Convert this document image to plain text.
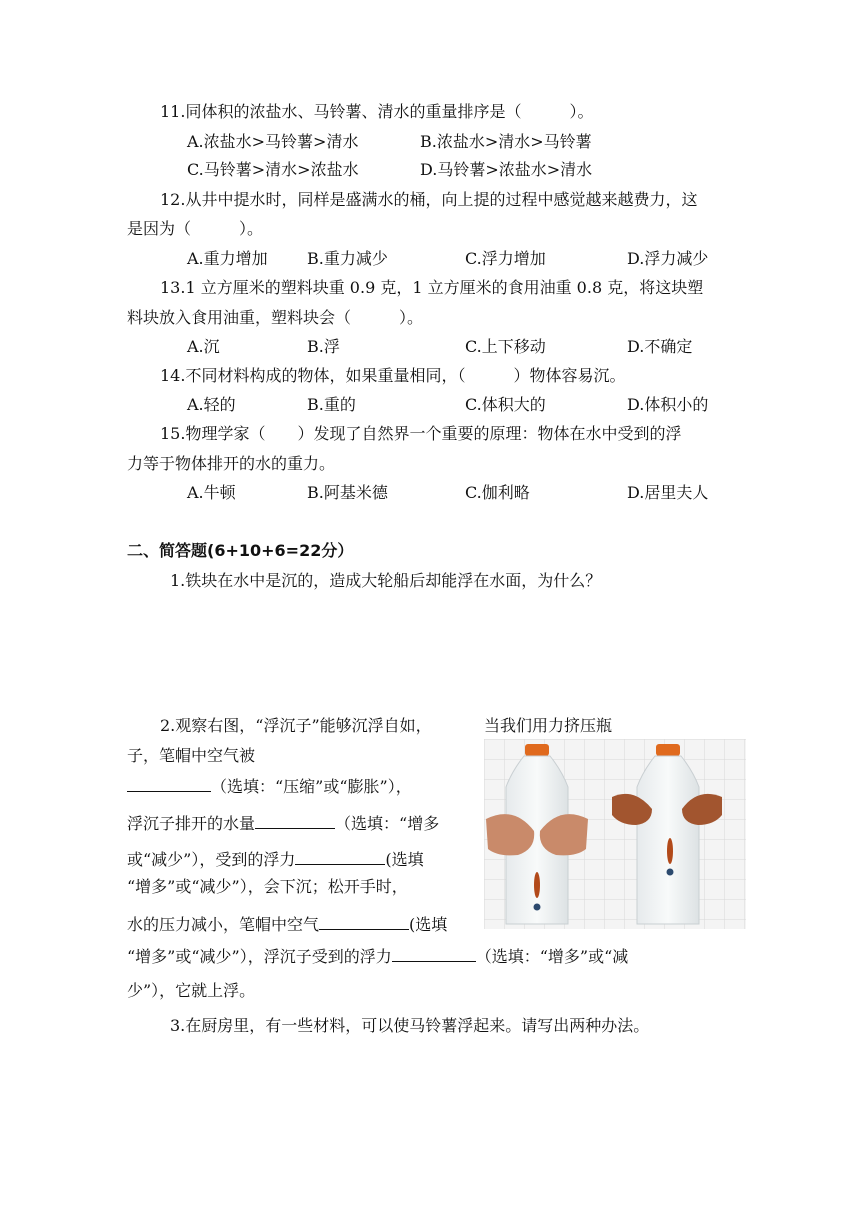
11.同体积的浓盐水、马铃薯、清水的重量排序是（　　　）。
A.浓盐水>马铃薯>清水	B.浓盐水>清水>马铃薯
C.马铃薯>清水>浓盐水	D.马铃薯>浓盐水>清水
12.从井中提水时，同样是盛满水的桶，向上提的过程中感觉越来越费力，这
是因为（　　　）。
A.重力增加 B.重力减少	C.浮力增加	D.浮力减少
13.1 立方厘米的塑料块重 0.9 克，1 立方厘米的食用油重 0.8 克，将这块塑
料块放入食用油重，塑料块会（　　　）。
A.沉	B.浮	C.上下移动	D.不确定
14.不同材料构成的物体，如果重量相同，（　　　）物体容易沉。
A.轻的	B.重的	C.体积大的	D.体积小的
15.物理学家（　　）发现了自然界一个重要的原理：物体在水中受到的浮
力等于物体排开的水的重力。
A.牛顿	B.阿基米德	C.伽利略	D.居里夫人
二、简答题(6+10+6=22分）
1.铁块在水中是沉的，造成大轮船后却能浮在水面，为什么？
2.观察右图，“浮沉子”能够沉浮自如，	当我们用力挤压瓶
子，笔帽中空气被
（选填：“压缩”或“膨胀”），
浮沉子排开的水量	（选填：“增多
或“减少”），受到的浮力	(选填
“增多”或“减少”），会下沉；松开手时，
水的压力减小，笔帽中空气	(选填
“增多”或“减少”），浮沉子受到的浮力	（选填：“增多”或“减
少”），它就上浮。
3.在厨房里，有一些材料，可以使马铃薯浮起来。请写出两种办法。
